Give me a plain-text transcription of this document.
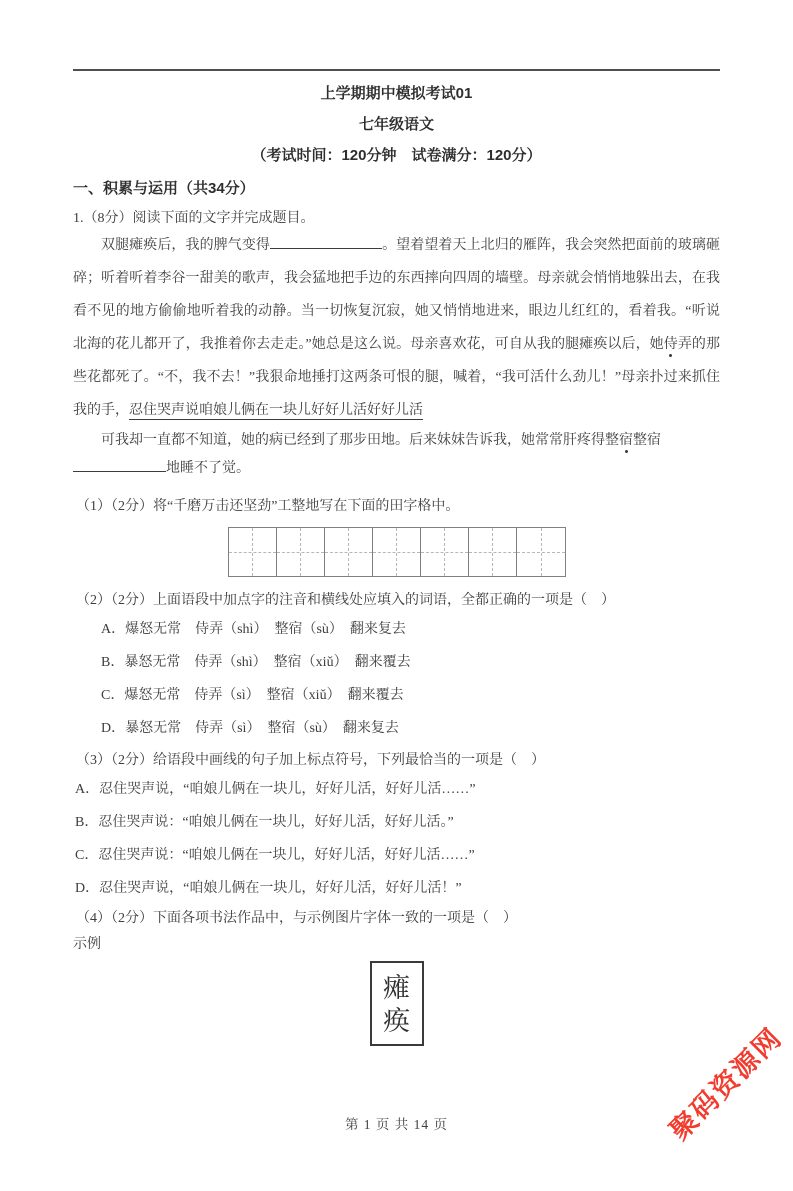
上学期期中模拟考试01
七年级语文
（考试时间：120分钟　试卷满分：120分）
一、积累与运用（共34分）
1.（8分）阅读下面的文字并完成题目。

双腿瘫痪后，我的脾气变得	。望着望着天上北归的雁阵，我会突然把面前的玻璃砸碎；听着听着李谷一甜美的歌声，我会猛地把手边的东西摔向四周的墙壁。母亲就会悄悄地躲出去，在我看不见的地方偷偷地听着我的动静。当一切恢复沉寂，她又悄悄地进来，眼边儿红红的，看着我。“听说北海的花儿都开了，我推着你去走走。”她总是这么说。母亲喜欢花，可自从我的腿瘫痪以后，她侍弄的那些花都死了。“不，我不去！”我狠命地捶打这两条可恨的腿，喊着，“我可活什么劲儿！”母亲扑过来抓住我的手，忍住哭声说咱娘儿俩在一块儿好好儿活好好儿活

可我却一直都不知道，她的病已经到了那步田地。后来妹妹告诉我，她常常肝疼得整宿整宿
地睡不了觉。

（1）（2分）将“千磨万击还坚劲”工整地写在下面的田字格中。
（2）（2分）上面语段中加点字的注音和横线处应填入的词语，全都正确的一项是（　）
A．爆怒无常　侍弄（shì）　整宿（sù）　翻来复去
B．暴怒无常　侍弄（shì）　整宿（xiǔ）　翻来覆去
C．爆怒无常　侍弄（sì）　整宿（xiǔ）　翻来覆去
D．暴怒无常　侍弄（sì）　整宿（sù）　翻来复去
（3）（2分）给语段中画线的句子加上标点符号，下列最恰当的一项是（　）
A．忍住哭声说，“咱娘儿俩在一块儿，好好儿活，好好儿活……”
B．忍住哭声说：“咱娘儿俩在一块儿，好好儿活，好好儿活。”
C．忍住哭声说：“咱娘儿俩在一块儿，好好儿活，好好儿活……”
D．忍住哭声说，“咱娘儿俩在一块儿，好好儿活，好好儿活！”
（4）（2分）下面各项书法作品中，与示例图片字体一致的一项是（　）
示例
瘫
痪
第 1 页 共 14 页	聚码资源网
